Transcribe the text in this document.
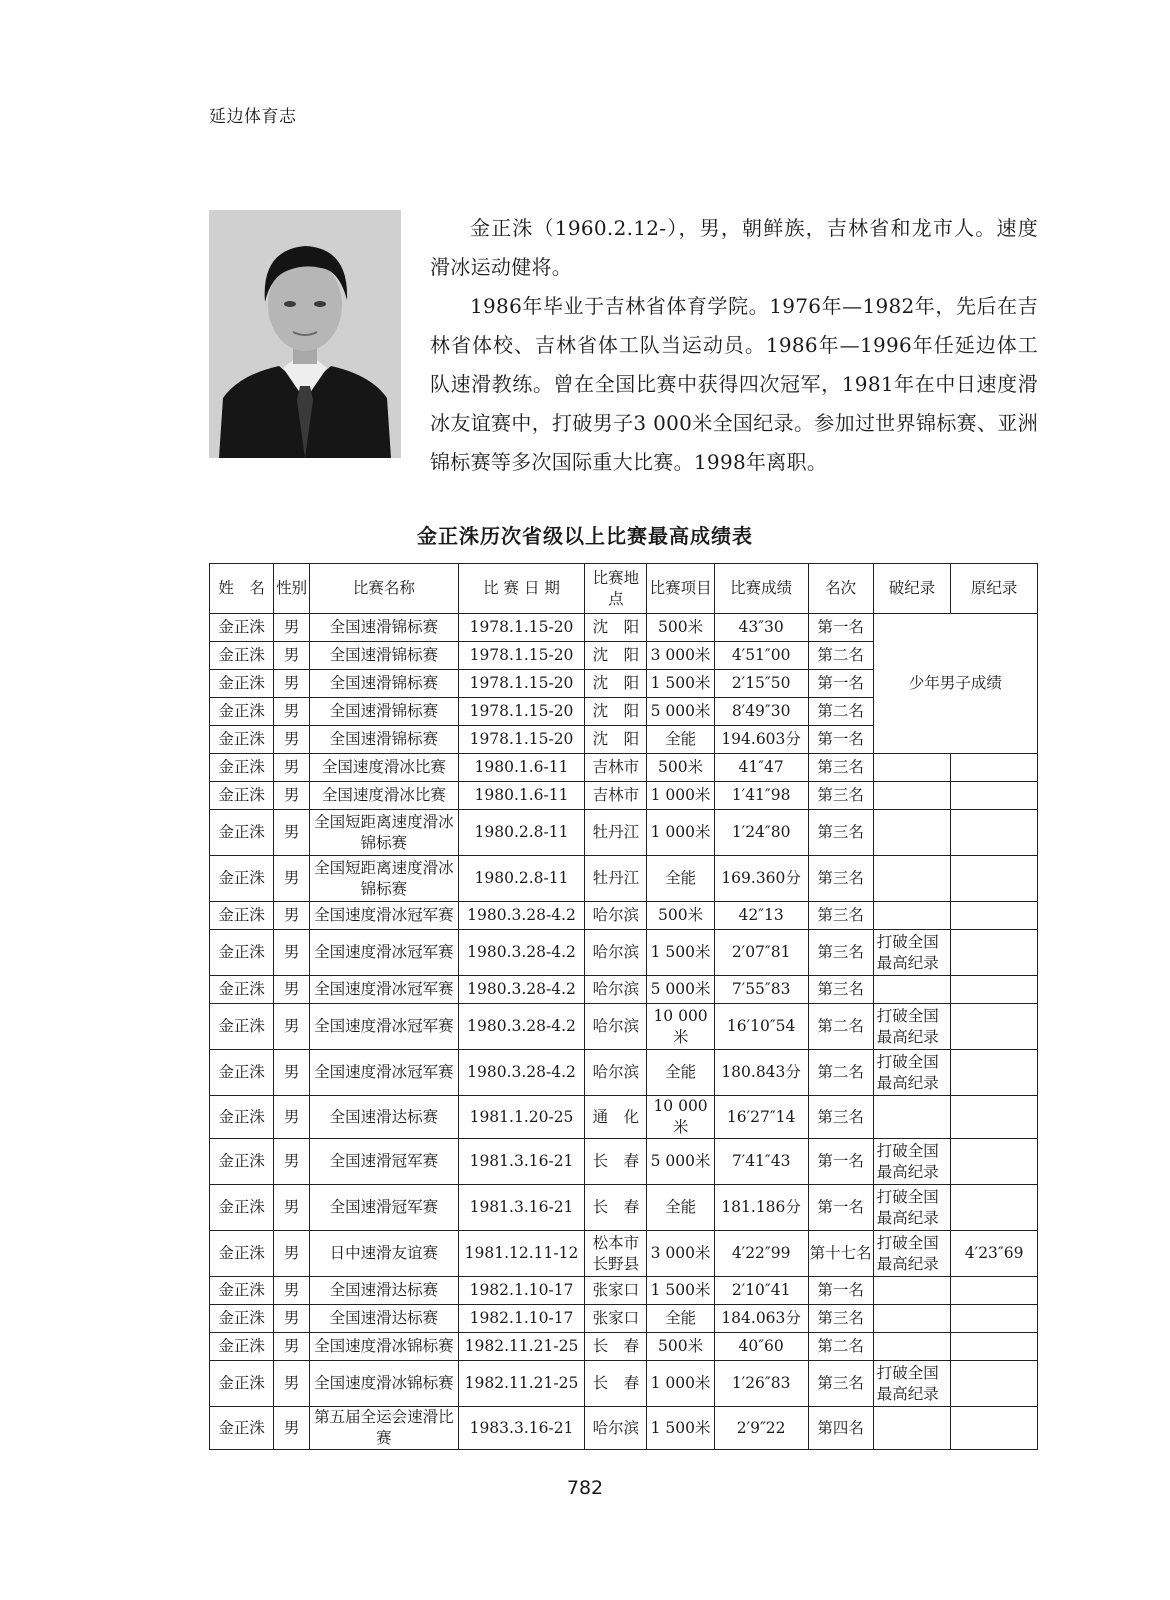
延边体育志

金正洙（1960.2.12-），男，朝鲜族，吉林省和龙市人。速度滑冰运动健将。

1986年毕业于吉林省体育学院。1976年—1982年，先后在吉林省体校、吉林省体工队当运动员。1986年—1996年任延边体工队速滑教练。曾在全国比赛中获得四次冠军，1981年在中日速度滑冰友谊赛中，打破男子3 000米全国纪录。参加过世界锦标赛、亚洲锦标赛等多次国际重大比赛。1998年离职。

金正洙历次省级以上比赛最高成绩表
姓　名	性别	比赛名称	比 赛 日 期	比赛地点	比赛项目	比赛成绩	名次	破纪录	原纪录
金正洙	男	全国速滑锦标赛	1978.1.15-20	沈　阳	500米	43″30	第一名	少年男子成绩	
金正洙	男	全国速滑锦标赛	1978.1.15-20	沈　阳	3 000米	4′51″00	第二名		
金正洙	男	全国速滑锦标赛	1978.1.15-20	沈　阳	1 500米	2′15″50	第一名		
金正洙	男	全国速滑锦标赛	1978.1.15-20	沈　阳	5 000米	8′49″30	第二名		
金正洙	男	全国速滑锦标赛	1978.1.15-20	沈　阳	全能	194.603分	第一名		
金正洙	男	全国速度滑冰比赛	1980.1.6-11	吉林市	500米	41″47	第三名		
金正洙	男	全国速度滑冰比赛	1980.1.6-11	吉林市	1 000米	1′41″98	第三名		
金正洙	男	全国短距离速度滑冰锦标赛	1980.2.8-11	牡丹江	1 000米	1′24″80	第三名		
金正洙	男	全国短距离速度滑冰锦标赛	1980.2.8-11	牡丹江	全能	169.360分	第三名		
金正洙	男	全国速度滑冰冠军赛	1980.3.28-4.2	哈尔滨	500米	42″13	第三名		
金正洙	男	全国速度滑冰冠军赛	1980.3.28-4.2	哈尔滨	1 500米	2′07″81	第三名	打破全国最高纪录	
金正洙	男	全国速度滑冰冠军赛	1980.3.28-4.2	哈尔滨	5 000米	7′55″83	第三名		
金正洙	男	全国速度滑冰冠军赛	1980.3.28-4.2	哈尔滨	10 000米	16′10″54	第二名	打破全国最高纪录	
金正洙	男	全国速度滑冰冠军赛	1980.3.28-4.2	哈尔滨	全能	180.843分	第二名	打破全国最高纪录	
金正洙	男	全国速滑达标赛	1981.1.20-25	通　化	10 000米	16′27″14	第三名		
金正洙	男	全国速滑冠军赛	1981.3.16-21	长　春	5 000米	7′41″43	第一名	打破全国最高纪录	
金正洙	男	全国速滑冠军赛	1981.3.16-21	长　春	全能	181.186分	第一名	打破全国最高纪录	
金正洙	男	日中速滑友谊赛	1981.12.11-12	松本市长野县	3 000米	4′22″99	第十七名	打破全国最高纪录	4′23″69
金正洙	男	全国速滑达标赛	1982.1.10-17	张家口	1 500米	2′10″41	第一名		
金正洙	男	全国速滑达标赛	1982.1.10-17	张家口	全能	184.063分	第三名		
金正洙	男	全国速度滑冰锦标赛	1982.11.21-25	长　春	500米	40″60	第二名		
金正洙	男	全国速度滑冰锦标赛	1982.11.21-25	长　春	1 000米	1′26″83	第三名	打破全国最高纪录	
金正洙	男	第五届全运会速滑比赛	1983.3.16-21	哈尔滨	1 500米	2′9″22	第四名		
782
